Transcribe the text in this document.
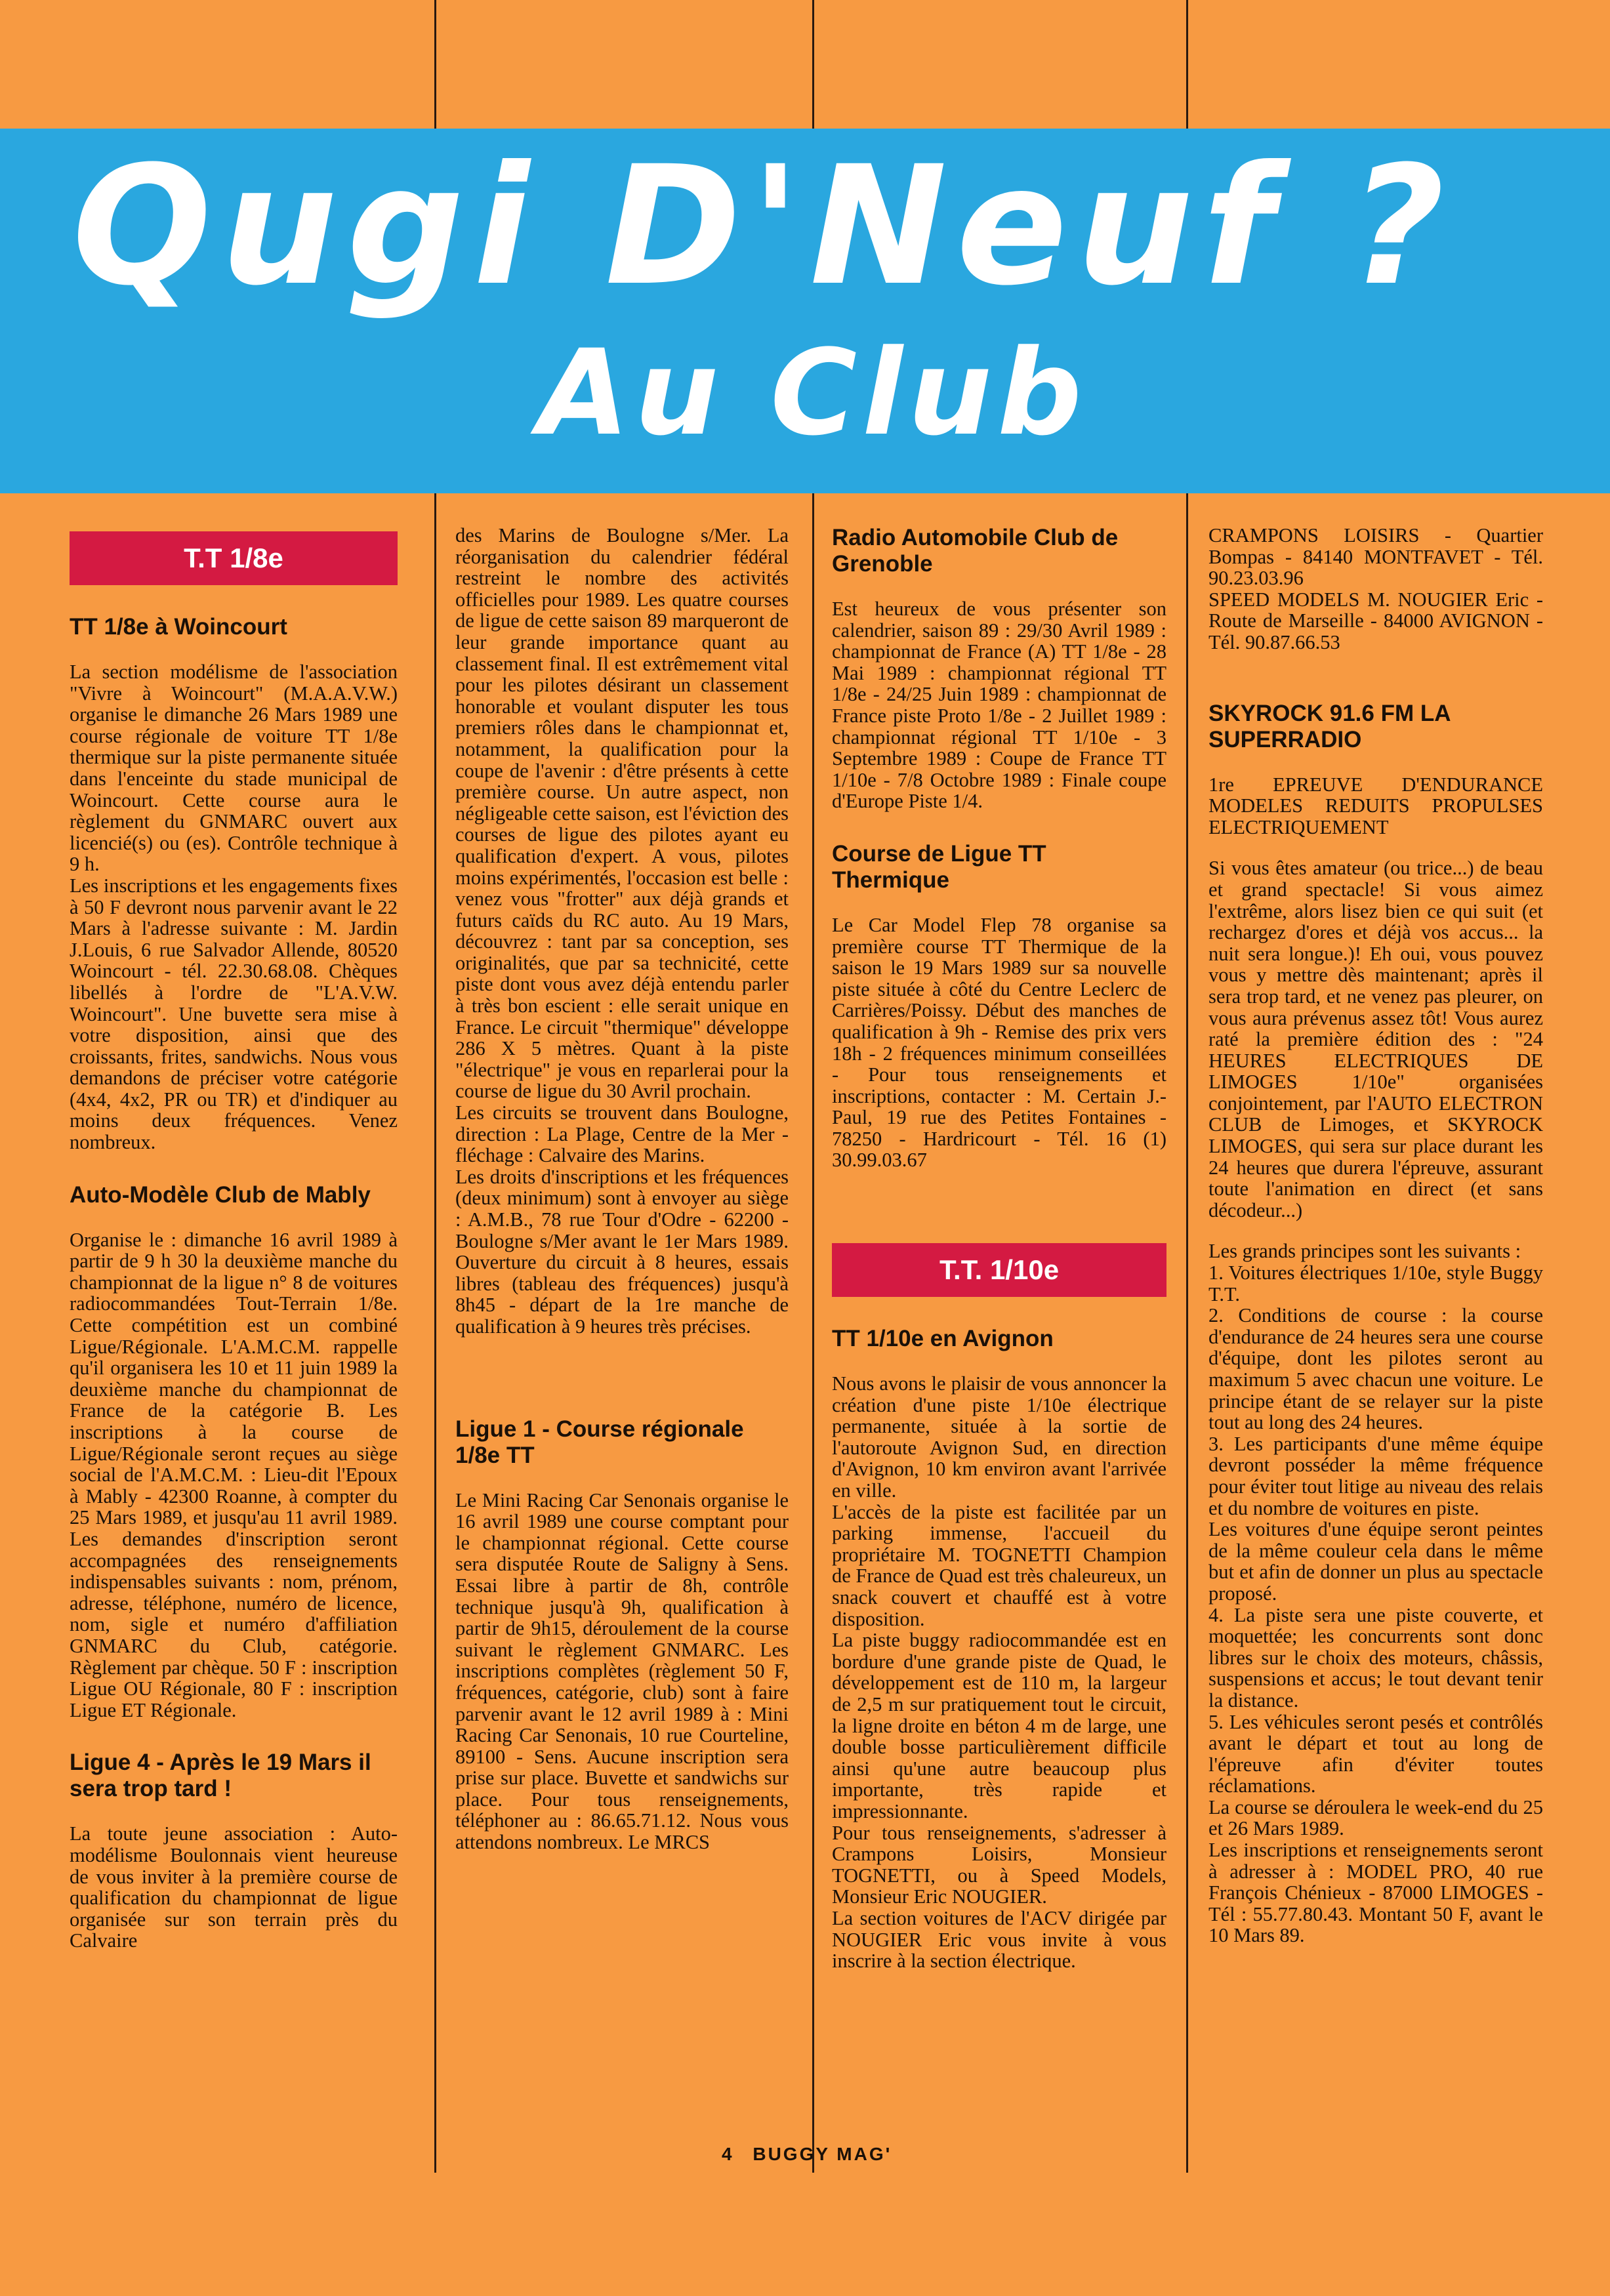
Qugi D'Neuf ?
Au Club
T.T 1/8e
TT 1/8e à Woincourt

La section modélisme de l'association "Vivre à Woincourt" (M.A.A.V.W.) organise le dimanche 26 Mars 1989 une course régionale de voiture TT 1/8e thermique sur la piste permanente située dans l'enceinte du stade municipal de Woincourt. Cette course aura le règlement du GNMARC ouvert aux licencié(s) ou (es). Contrôle technique à 9 h.

Les inscriptions et les engagements fixes à 50 F devront nous parvenir avant le 22 Mars à l'adresse suivante : M. Jardin J.Louis, 6 rue Salvador Allende, 80520 Woincourt - tél. 22.30.68.08. Chèques libellés à l'ordre de "L'A.V.W. Woincourt". Une buvette sera mise à votre disposition, ainsi que des croissants, frites, sandwichs. Nous vous demandons de préciser votre catégorie (4x4, 4x2, PR ou TR) et d'indiquer au moins deux fréquences. Venez nombreux.

Auto-Modèle Club de Mably

Organise le : dimanche 16 avril 1989 à partir de 9 h 30 la deuxième manche du championnat de la ligue n° 8 de voitures radiocommandées Tout-Terrain 1/8e. Cette compétition est un combiné Ligue/Régionale. L'A.M.C.M. rappelle qu'il organisera les 10 et 11 juin 1989 la deuxième manche du championnat de France de la catégorie B. Les inscriptions à la course de Ligue/Régionale seront reçues au siège social de l'A.M.C.M. : Lieu-dit l'Epoux à Mably - 42300 Roanne, à compter du 25 Mars 1989, et jusqu'au 11 avril 1989. Les demandes d'inscription seront accompagnées des renseignements indispensables suivants : nom, prénom, adresse, téléphone, numéro de licence, nom, sigle et numéro d'affiliation GNMARC du Club, catégorie. Règlement par chèque. 50 F : inscription Ligue OU Régionale, 80 F : inscription Ligue ET Régionale.

Ligue 4 - Après le 19 Mars il sera trop tard !

La toute jeune association : Auto-modélisme Boulonnais vient heureuse de vous inviter à la première course de qualification du championnat de ligue organisée sur son terrain près du Calvaire

des Marins de Boulogne s/Mer. La réorganisation du calendrier fédéral restreint le nombre des activités officielles pour 1989. Les quatre courses de ligue de cette saison 89 marqueront de leur grande importance quant au classement final. Il est extrêmement vital pour les pilotes désirant un classement honorable et voulant disputer les tous premiers rôles dans le championnat et, notamment, la qualification pour la coupe de l'avenir : d'être présents à cette première course. Un autre aspect, non négligeable cette saison, est l'éviction des courses de ligue des pilotes ayant eu qualification d'expert. A vous, pilotes moins expérimentés, l'occasion est belle : venez vous "frotter" aux déjà grands et futurs caïds du RC auto. Au 19 Mars, découvrez : tant par sa conception, ses originalités, que par sa technicité, cette piste dont vous avez déjà entendu parler à très bon escient : elle serait unique en France. Le circuit "thermique" développe 286 X 5 mètres. Quant à la piste "électrique" je vous en reparlerai pour la course de ligue du 30 Avril prochain.

Les circuits se trouvent dans Boulogne, direction : La Plage, Centre de la Mer - fléchage : Calvaire des Marins.

Les droits d'inscriptions et les fréquences (deux minimum) sont à envoyer au siège : A.M.B., 78 rue Tour d'Odre - 62200 - Boulogne s/Mer avant le 1er Mars 1989. Ouverture du circuit à 8 heures, essais libres (tableau des fréquences) jusqu'à 8h45 - départ de la 1re manche de qualification à 9 heures très précises.

Ligue 1 - Course régionale 1/8e TT

Le Mini Racing Car Senonais organise le 16 avril 1989 une course comptant pour le championnat régional. Cette course sera disputée Route de Saligny à Sens. Essai libre à partir de 8h, contrôle technique jusqu'à 9h, qualification à partir de 9h15, déroulement de la course suivant le règlement GNMARC. Les inscriptions complètes (règlement 50 F, fréquences, catégorie, club) sont à faire parvenir avant le 12 avril 1989 à : Mini Racing Car Senonais, 10 rue Courteline, 89100 - Sens. Aucune inscription sera prise sur place. Buvette et sandwichs sur place. Pour tous renseignements, téléphoner au : 86.65.71.12. Nous vous attendons nombreux. Le MRCS

Radio Automobile Club de Grenoble

Est heureux de vous présenter son calendrier, saison 89 : 29/30 Avril 1989 : championnat de France (A) TT 1/8e - 28 Mai 1989 : championnat régional TT 1/8e - 24/25 Juin 1989 : championnat de France piste Proto 1/8e - 2 Juillet 1989 : championnat régional TT 1/10e - 3 Septembre 1989 : Coupe de France TT 1/10e - 7/8 Octobre 1989 : Finale coupe d'Europe Piste 1/4.

Course de Ligue TT Thermique

Le Car Model Flep 78 organise sa première course TT Thermique de la saison le 19 Mars 1989 sur sa nouvelle piste située à côté du Centre Leclerc de Carrières/Poissy. Début des manches de qualification à 9h - Remise des prix vers 18h - 2 fréquences minimum conseillées - Pour tous renseignements et inscriptions, contacter : M. Certain J.-Paul, 19 rue des Petites Fontaines - 78250 - Hardricourt - Tél. 16 (1) 30.99.03.67

T.T. 1/10e
TT 1/10e en Avignon

Nous avons le plaisir de vous annoncer la création d'une piste 1/10e électrique permanente, située à la sortie de l'autoroute Avignon Sud, en direction d'Avignon, 10 km environ avant l'arrivée en ville.

L'accès de la piste est facilitée par un parking immense, l'accueil du propriétaire M. TOGNETTI Champion de France de Quad est très chaleureux, un snack couvert et chauffé est à votre disposition.

La piste buggy radiocommandée est en bordure d'une grande piste de Quad, le développement est de 110 m, la largeur de 2,5 m sur pratiquement tout le circuit, la ligne droite en béton 4 m de large, une double bosse particulièrement difficile ainsi qu'une autre beaucoup plus importante, très rapide et impressionnante.

Pour tous renseignements, s'adresser à Crampons Loisirs, Monsieur TOGNETTI, ou à Speed Models, Monsieur Eric NOUGIER.

La section voitures de l'ACV dirigée par NOUGIER Eric vous invite à vous inscrire à la section électrique.

CRAMPONS LOISIRS - Quartier Bompas - 84140 MONTFAVET - Tél. 90.23.03.96

SPEED MODELS M. NOUGIER Eric - Route de Marseille - 84000 AVIGNON - Tél. 90.87.66.53

SKYROCK 91.6 FM LA SUPERRADIO

1re EPREUVE D'ENDURANCE MODELES REDUITS PROPULSES ELECTRIQUEMENT

Si vous êtes amateur (ou trice...) de beau et grand spectacle! Si vous aimez l'extrême, alors lisez bien ce qui suit (et rechargez d'ores et déjà vos accus... la nuit sera longue.)! Eh oui, vous pouvez vous y mettre dès maintenant; après il sera trop tard, et ne venez pas pleurer, on vous aura prévenus assez tôt! Vous aurez raté la première édition des : "24 HEURES ELECTRIQUES DE LIMOGES 1/10e" organisées conjointement, par l'AUTO ELECTRON CLUB de Limoges, et SKYROCK LIMOGES, qui sera sur place durant les 24 heures que durera l'épreuve, assurant toute l'animation en direct (et sans décodeur...)

Les grands principes sont les suivants :

1. Voitures électriques 1/10e, style Buggy T.T.

2. Conditions de course : la course d'endurance de 24 heures sera une course d'équipe, dont les pilotes seront au maximum 5 avec chacun une voiture. Le principe étant de se relayer sur la piste tout au long des 24 heures.

3. Les participants d'une même équipe devront posséder la même fréquence pour éviter tout litige au niveau des relais et du nombre de voitures en piste.

Les voitures d'une équipe seront peintes de la même couleur cela dans le même but et afin de donner un plus au spectacle proposé.

4. La piste sera une piste couverte, et moquettée; les concurrents sont donc libres sur le choix des moteurs, châssis, suspensions et accus; le tout devant tenir la distance.

5. Les véhicules seront pesés et contrôlés avant le départ et tout au long de l'épreuve afin d'éviter toutes réclamations.

La course se déroulera le week-end du 25 et 26 Mars 1989.

Les inscriptions et renseignements seront à adresser à : MODEL PRO, 40 rue François Chénieux - 87000 LIMOGES - Tél : 55.77.80.43. Montant 50 F, avant le 10 Mars 89.

4 BUGGY MAG'
